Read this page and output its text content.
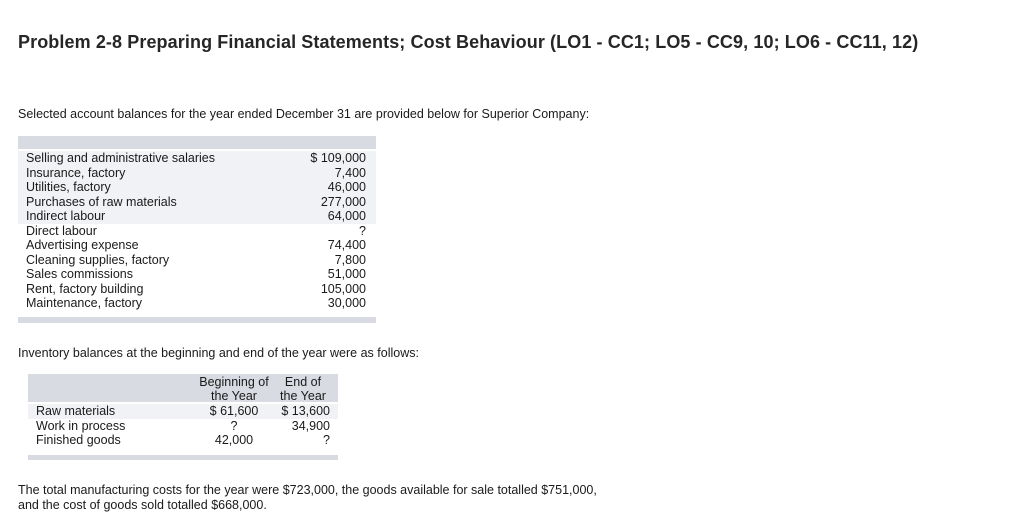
Problem 2-8 Preparing Financial Statements; Cost Behaviour (LO1 - CC1; LO5 - CC9, 10; LO6 - CC11, 12)
Selected account balances for the year ended December 31 are provided below for Superior Company:
Selling and administrative salaries	$ 109,000
Insurance, factory	7,400
Utilities, factory	46,000
Purchases of raw materials	277,000
Indirect labour	64,000
Direct labour	?
Advertising expense	74,400
Cleaning supplies, factory	7,800
Sales commissions	51,000
Rent, factory building	105,000
Maintenance, factory	30,000
Inventory balances at the beginning and end of the year were as follows:
Beginning of
the Year
End of
the Year
Raw materials	$ 61,600	$ 13,600
Work in process	?	34,900
Finished goods	42,000	?
The total manufacturing costs for the year were $723,000, the goods available for sale totalled $751,000,
and the cost of goods sold totalled $668,000.
